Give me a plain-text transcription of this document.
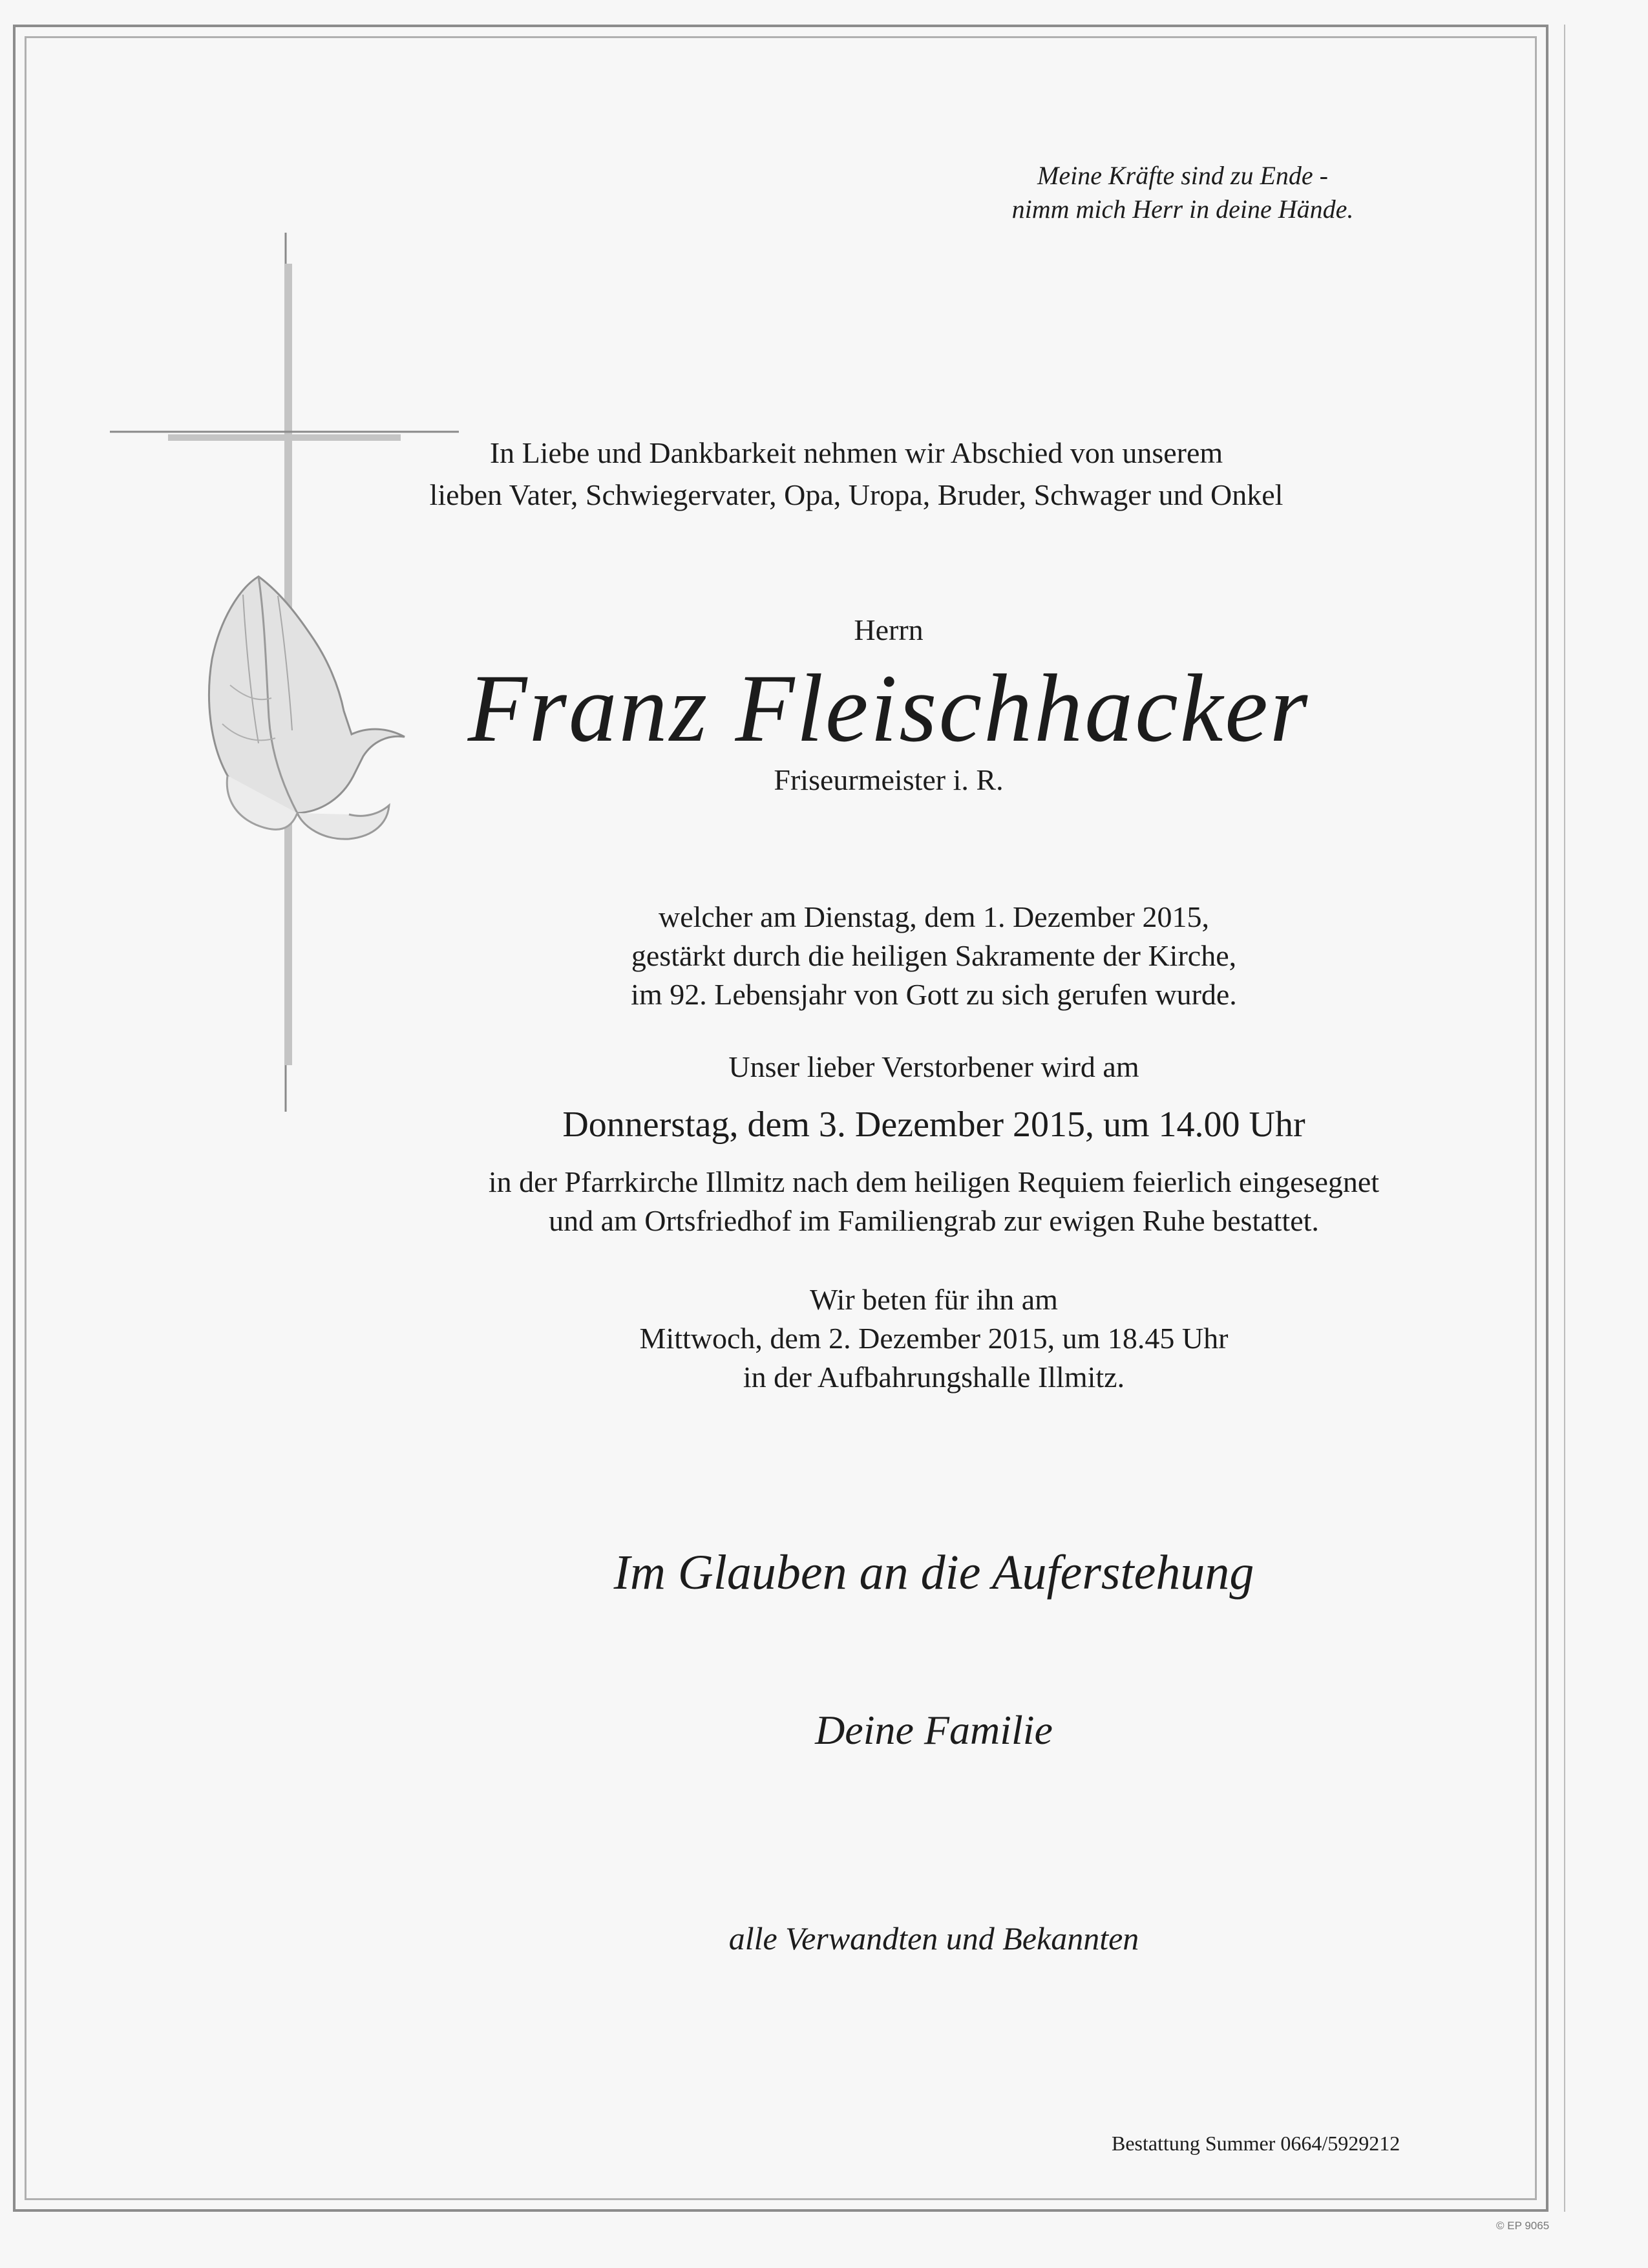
Meine Kräfte sind zu Ende -

nimm mich Herr in deine Hände.

In Liebe und Dankbarkeit nehmen wir Abschied von unserem

lieben Vater, Schwiegervater, Opa, Uropa, Bruder, Schwager und Onkel

Herrn

Franz Fleischhacker

Friseurmeister i. R.

welcher am Dienstag, dem 1. Dezember 2015,

gestärkt durch die heiligen Sakramente der Kirche,

im 92. Lebensjahr von Gott zu sich gerufen wurde.

Unser lieber Verstorbener wird am

Donnerstag, dem 3. Dezember 2015, um 14.00 Uhr

in der Pfarrkirche Illmitz nach dem heiligen Requiem feierlich eingesegnet

und am Ortsfriedhof im Familiengrab zur ewigen Ruhe bestattet.

Wir beten für ihn am

Mittwoch, dem 2. Dezember 2015, um 18.45 Uhr

in der Aufbahrungshalle Illmitz.

Im Glauben an die Auferstehung

Deine Familie

alle Verwandten und Bekannten

Bestattung Summer 0664/5929212

© EP 9065
